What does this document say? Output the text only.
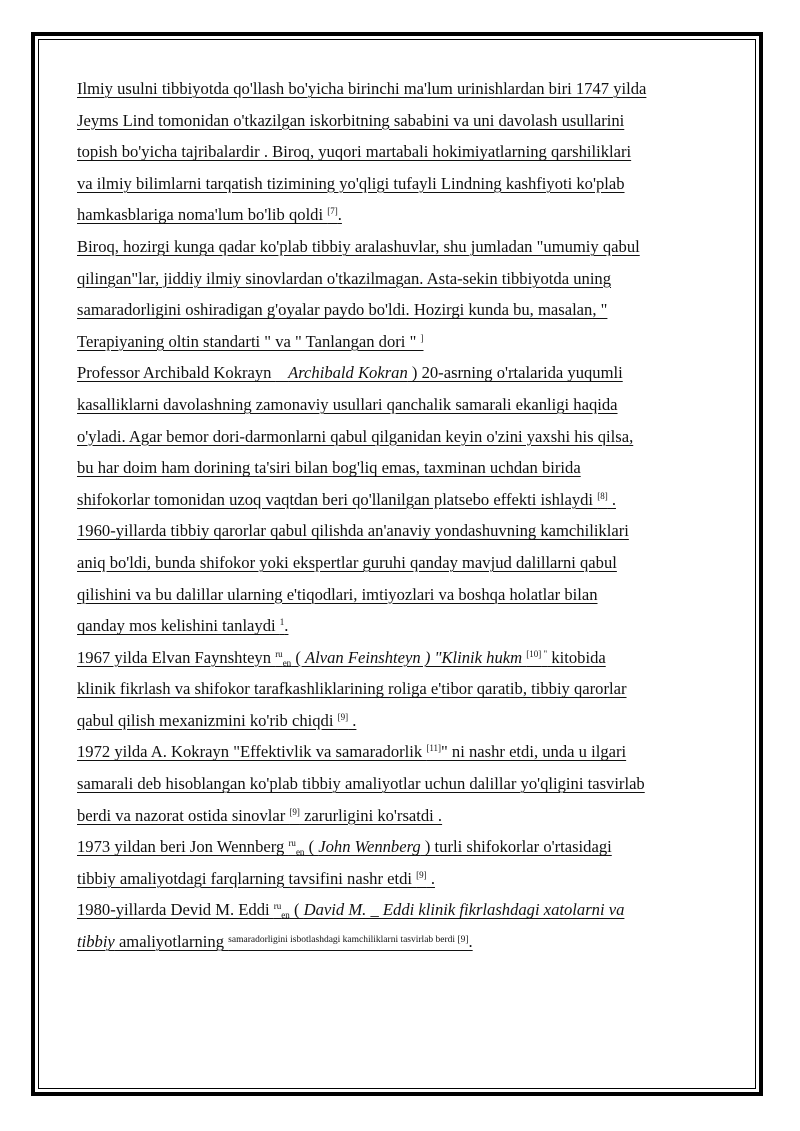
Ilmiy usulni tibbiyotda qo'llash bo'yicha birinchi ma'lum urinishlardan biri 1747 yilda
Jeyms Lind tomonidan o'tkazilgan iskorbitning sababini va uni davolash usullarini
topish bo'yicha tajribalardir . Biroq, yuqori martabali hokimiyatlarning qarshiliklari
va ilmiy bilimlarni tarqatish tizimining yo'qligi tufayli Lindning kashfiyoti ko'plab
hamkasblariga noma'lum bo'lib qoldi [7].
Biroq, hozirgi kunga qadar ko'plab tibbiy aralashuvlar, shu jumladan "umumiy qabul
qilingan"lar, jiddiy ilmiy sinovlardan o'tkazilmagan. Asta-sekin tibbiyotda uning
samaradorligini oshiradigan g'oyalar paydo bo'ldi. Hozirgi kunda bu, masalan, "
Terapiyaning oltin standarti " va " Tanlangan dori " ]
Professor Archibald Kokrayn    Archibald Kokran ) 20-asrning o'rtalarida yuqumli
kasalliklarni davolashning zamonaviy usullari qanchalik samarali ekanligi haqida
o'yladi. Agar bemor dori-darmonlarni qabul qilganidan keyin o'zini yaxshi his qilsa,
bu har doim ham dorining ta'siri bilan bog'liq emas, taxminan uchdan birida
shifokorlar tomonidan uzoq vaqtdan beri qo'llanilgan platsebo effekti ishlaydi [8] .
1960-yillarda tibbiy qarorlar qabul qilishda an'anaviy yondashuvning kamchiliklari
aniq bo'ldi, bunda shifokor yoki ekspertlar guruhi qanday mavjud dalillarni qabul
qilishini va bu dalillar ularning e'tiqodlari, imtiyozlari va boshqa holatlar bilan
qanday mos kelishini tanlaydi $^1$.
1967 yilda Elvan Faynshteyn $^{ru}_{en}$ ( Alvan Feinshteyn ) "Klinik hukm [10] " kitobida
klinik fikrlash va shifokor tarafkashliklarining roliga e'tibor qaratib, tibbiy qarorlar
qabul qilish mexanizmini ko'rib chiqdi [9] .
1972 yilda A. Kokrayn "Effektivlik va samaradorlik [11]" ni nashr etdi, unda u ilgari
samarali deb hisoblangan ko'plab tibbiy amaliyotlar uchun dalillar yo'qligini tasvirlab
berdi va nazorat ostida sinovlar [9] zarurligini ko'rsatdi .
1973 yildan beri Jon Wennberg $^{ru}_{en}$ ( John Wennberg ) turli shifokorlar o'rtasidagi
tibbiy amaliyotdagi farqlarning tavsifini nashr etdi [9] .
1980-yillarda Devid M. Eddi $^{ru}_{en}$ ( David M. _ Eddi klinik fikrlashdagi xatolarni va
tibbiy amaliyotlarning $^{samaradorligini isbotlashdagi kamchiliklarni tasvirlab berdi [9]}$.
